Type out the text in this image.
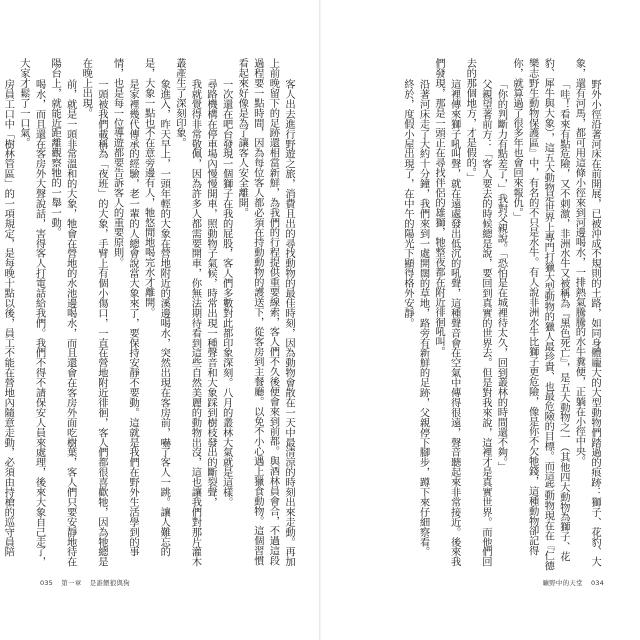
客人出去進行野遊之旅，消費且出的尋找動物的最佳時刻，因為動物會散在一天中最清涼的時刻出來走動。再加上前晚留下的足跡還相當新鮮，為我們的行程提供重要線索，客人們不久後便會來到前都。與酒林員會合，不過這段過程要一點時間，因為每位客人都必須在持動動物的護送下，從客房到主餐廳。以免不小心遇上獵食動物。這個習慣看起來好像是為了讓客人安全離開。

一次還在吧台發現一個獅子在我的屁股，客人們多數對此都印象深刻。八月的叢林大氣就是這樣。

尋路機構在停車場內慢慢開車，照動物子氣候，時常出現一種聲音和大象踩到樹枝發出的斷裂聲，

我就覺得非常敬佩，因為許多人都需要開車，你無法期待看到這些自然美麗的動物出沒，這也讓我們對那片灌木叢產生了深刻印象。

象進入，昨天早上，一頭年輕的大象在營地附近的溪邊喝水，突然出現在客房前，嚇了客人一跳。讓人難忘的是，大象一點也不在意旁邊有人，牠悠閒地喝完水才離開。

是家裡幾代傳承的經驗，老一輩的人總會說當大象來了，要保持安靜不要動。這就是我們在野外生活學到的事情，也是每一位導遊都要告訴客人的重要原則。

一頭被我們載稱為「夜班」的大象，手臂上有個小傷口，一直在營地附近徘徊，客人們都很喜歡牠，因為牠總是在晚上出現。

前，就是一頭非常溫和的大象，牠會在營地的水池邊喝水，而且還會在客房外面吃樹葉，客人們只要安靜地待在陽台上，就能近距離觀察牠的一舉一動。

喝水，而且還在客房外大聲說話，害得客人打電話給我們。我們不得不請保安人員來處理，後來大象自己走了，大家才鬆了一口氣。

房員工口中「樹林管區」的一項規定，是每晚十點以後，員工不能在營地內隨意走動，必須由持槍的巡守員陪

035 第一章 是誰餵狼與狗

野外小徑沿著河床在前開展，已被沖成不規則的土路，如同身體龐大的大型動物們踏過的痕跡：獅子、花豹、大象，還有河馬，都可用這條小徑來到河邊喝水，一排熱氣騰騰的水牛糞便，正躺在小徑中央。

「哇！看來有點危險，又不刺激，非洲水牛又被稱為『黑色死亡』，是五大動物之一（其他四大動物為獅子、花豹、犀牛與大象），這五大動物是世界上專門打獵大型動物的獵人最珍貴、也最危險的目標。而這些動物現在在『仁德樂志野生動物保護區』中，有名的不只是水牛。有人說非洲水牛比獅子更危險，像是你不欠牠錢，這種動物卻記得你，就算過了很多年也會回來報仇。」

「你的判斷力有點差了，」我對父親說。「恐怕是在城裡待太久，回到叢林的時間還不夠。」

父親望著前方：「客人要去的時候總是說，要回到真實的世界去。但是對我來說，這裡才是真實世界。而他們回去的那個地方，才是假的。」

這裡傳來獅子吼叫聲，就在遠處發出低沉的吼聲，這種聲音會在空氣中傳得很遠，聲音聽起來非常接近。後來我們發現，那是一頭正在尋找伴侶的雄獅，牠整夜都在附近徘徊吼叫。

沿著河床走了大約十分鐘，我們來到一處開闊的草地，路旁有新鮮的足跡，父親停下腳步，蹲下來仔細察看。

終於，度假小屋出現了，在中午的陽光下顯得格外安靜。

曠野中的天堂 034
